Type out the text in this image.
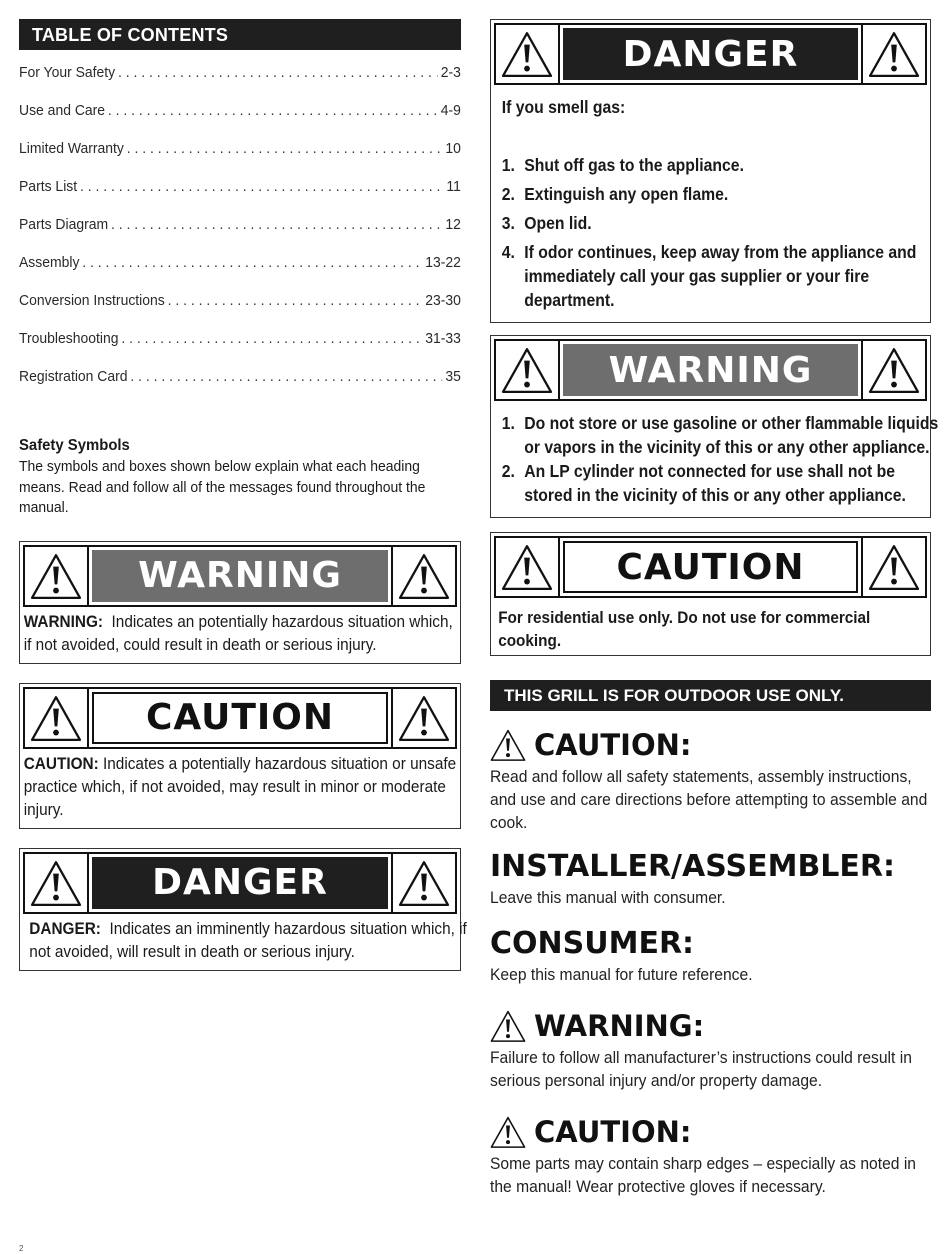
TABLE OF CONTENTS
For Your Safety . . .	2-3
Use and Care . . .	4-9
Limited Warranty . . .	10
Parts List . . .	11
Parts Diagram . . .	12
Assembly . . .	13-22
Conversion Instructions . . .	23-30
Troubleshooting . . .	31-33
Registration Card . . .	35
Safety Symbols
The symbols and boxes shown below explain what each heading means. Read and follow all of the messages found throughout the manual.
WARNING
WARNING: Indicates an potentially hazardous situation which, if not avoided, could result in death or serious injury.
CAUTION
CAUTION: Indicates a potentially hazardous situation or unsafe practice which, if not avoided, may result in minor or moderate injury.
DANGER
DANGER: Indicates an imminently hazardous situation which, if not avoided, will result in death or serious injury.
DANGER
If you smell gas:
1. Shut off gas to the appliance.
2. Extinguish any open flame.
3. Open lid.
4. If odor continues, keep away from the appliance and immediately call your gas supplier or your fire department.
WARNING
1. Do not store or use gasoline or other flammable liquids or vapors in the vicinity of this or any other appliance.
2. An LP cylinder not connected for use shall not be stored in the vicinity of this or any other appliance.
CAUTION
For residential use only. Do not use for commercial cooking.
THIS GRILL IS FOR OUTDOOR USE ONLY.
CAUTION:
Read and follow all safety statements, assembly instructions, and use and care directions before attempting to assemble and cook.
INSTALLER/ASSEMBLER:
Leave this manual with consumer.
CONSUMER:
Keep this manual for future reference.
WARNING:
Failure to follow all manufacturer’s instructions could result in serious personal injury and/or property damage.
CAUTION:
Some parts may contain sharp edges – especially as noted in the manual! Wear protective gloves if necessary.
2
